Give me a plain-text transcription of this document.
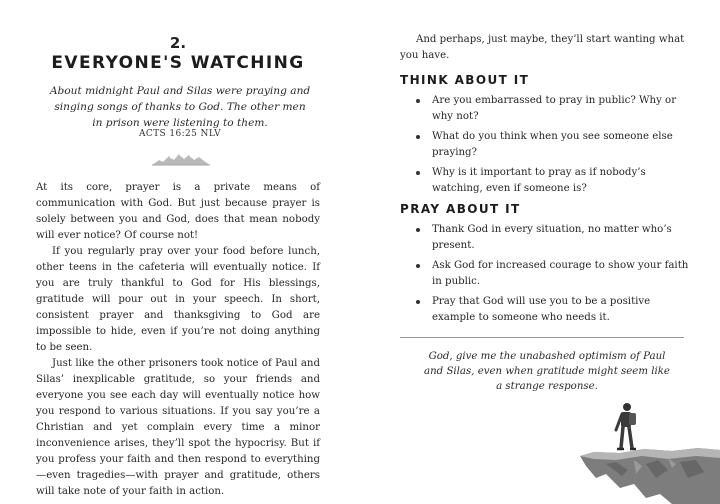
2.
EVERYONE'S WATCHING
About midnight Paul and Silas were praying and singing songs of thanks to God. The other men in prison were listening to them.
ACTS 16:25 NLV

At its core, prayer is a private means of communication with God. But just because prayer is solely between you and God, does that mean nobody will ever notice? Of course not!

If you regularly pray over your food before lunch, other teens in the cafeteria will eventually notice. If you are truly thankful to God for His blessings, gratitude will pour out in your speech. In short, consistent prayer and thanksgiving to God are impossible to hide, even if you’re not doing anything to be seen.

Just like the other prisoners took notice of Paul and Silas’ inexplicable gratitude, so your friends and everyone you see each day will eventually notice how you respond to various situations. If you say you’re a Christian and yet complain every time a minor inconvenience arises, they’ll spot the hypocrisy. But if you profess your faith and then respond to everything—even tragedies—with prayer and gratitude, others will take note of your faith in action.

And perhaps, just maybe, they’ll start wanting what you have.

THINK ABOUT IT
Are you embarrassed to pray in public? Why or why not?
What do you think when you see someone else praying?
Why is it important to pray as if nobody’s watching, even if someone is?
PRAY ABOUT IT
Thank God in every situation, no matter who’s present.
Ask God for increased courage to show your faith in public.
Pray that God will use you to be a positive example to someone who needs it.
God, give me the unabashed optimism of Paul and Silas, even when gratitude might seem like a strange response.
